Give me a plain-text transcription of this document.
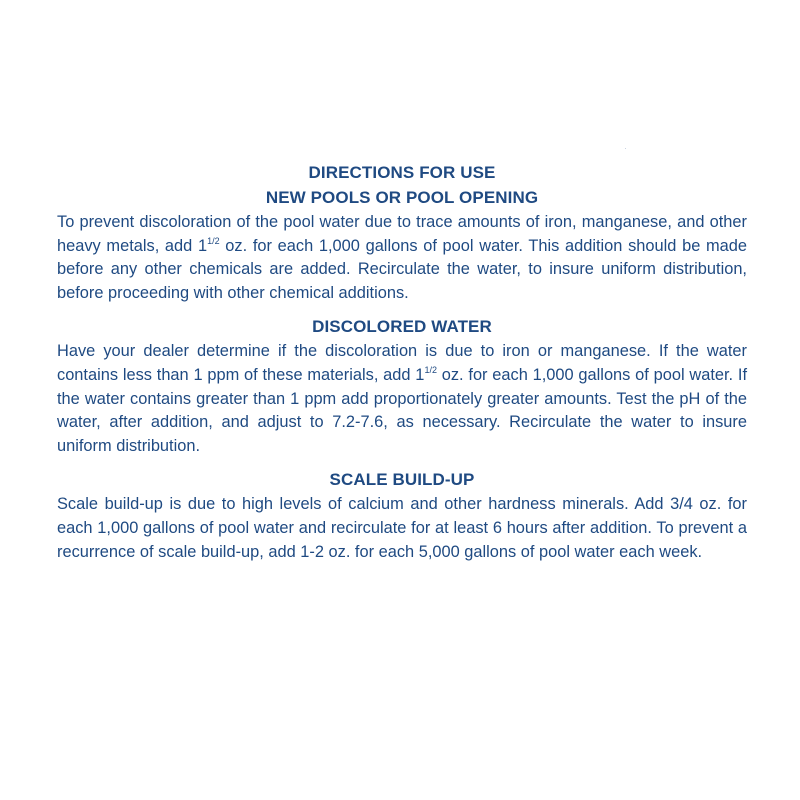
DIRECTIONS FOR USE
NEW POOLS OR POOL OPENING

To prevent discoloration of the pool water due to trace amounts of iron, manganese, and other heavy metals, add $1^{1/2}$ oz. for each 1,000 gallons of pool water. This addition should be made before any other chemicals are added. Recirculate the water, to insure uniform distribution, before proceeding with other chemical additions.

DISCOLORED WATER

Have your dealer determine if the discoloration is due to iron or manganese. If the water contains less than 1 ppm of these materials, add $1^{1/2}$ oz. for each 1,000 gallons of pool water. If the water contains greater than 1 ppm add proportionately greater amounts. Test the pH of the water, after addition, and adjust to 7.2-7.6, as necessary. Recirculate the water to insure uniform distribution.

SCALE BUILD-UP

Scale build-up is due to high levels of calcium and other hardness minerals. Add 3/4 oz. for each 1,000 gallons of pool water and recirculate for at least 6 hours after addition. To prevent a recurrence of scale build-up, add 1-2 oz. for each 5,000 gallons of pool water each week.
